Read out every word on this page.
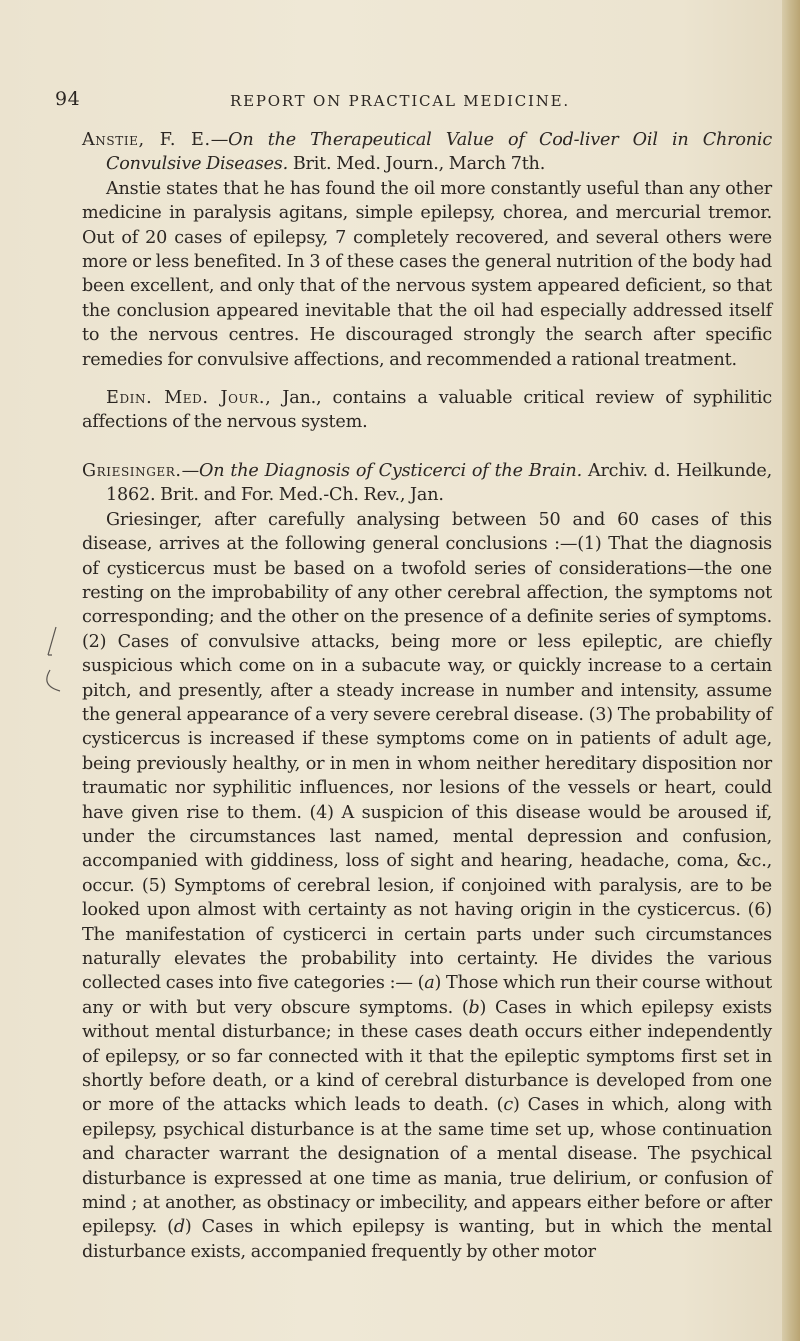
94	REPORT ON PRACTICAL MEDICINE.

Anstie, F. E.—On the Therapeutical Value of Cod-liver Oil in Chronic Convulsive Diseases. Brit. Med. Journ., March 7th.

Anstie states that he has found the oil more constantly useful than any other medicine in paralysis agitans, simple epilepsy, chorea, and mercurial tremor. Out of 20 cases of epilepsy, 7 completely recovered, and several others were more or less benefited. In 3 of these cases the general nutrition of the body had been excellent, and only that of the nervous system appeared deficient, so that the conclusion appeared inevitable that the oil had especially addressed itself to the nervous centres. He discouraged strongly the search after specific remedies for convulsive affections, and recommended a rational treatment.

Edin. Med. Jour., Jan., contains a valuable critical review of syphilitic affections of the nervous system.

Griesinger.—On the Diagnosis of Cysticerci of the Brain. Archiv. d. Heilkunde, 1862. Brit. and For. Med.-Ch. Rev., Jan.

Griesinger, after carefully analysing between 50 and 60 cases of this disease, arrives at the following general conclusions :—(1) That the diagnosis of cysticercus must be based on a twofold series of considerations—the one resting on the improbability of any other cerebral affection, the symptoms not corresponding; and the other on the presence of a definite series of symptoms. (2) Cases of convulsive attacks, being more or less epileptic, are chiefly suspicious which come on in a subacute way, or quickly increase to a certain pitch, and presently, after a steady increase in number and intensity, assume the general appearance of a very severe cerebral disease. (3) The probability of cysticercus is increased if these symptoms come on in patients of adult age, being previously healthy, or in men in whom neither hereditary disposition nor traumatic nor syphilitic influences, nor lesions of the vessels or heart, could have given rise to them. (4) A suspicion of this disease would be aroused if, under the circumstances last named, mental depression and confusion, accompanied with giddiness, loss of sight and hearing, headache, coma, &c., occur. (5) Symptoms of cerebral lesion, if conjoined with paralysis, are to be looked upon almost with certainty as not having origin in the cysticercus. (6) The manifestation of cysticerci in certain parts under such circumstances naturally elevates the probability into certainty. He divides the various collected cases into five categories :— (a) Those which run their course without any or with but very obscure symptoms. (b) Cases in which epilepsy exists without mental disturbance; in these cases death occurs either independently of epilepsy, or so far connected with it that the epileptic symptoms first set in shortly before death, or a kind of cerebral disturbance is developed from one or more of the attacks which leads to death. (c) Cases in which, along with epilepsy, psychical disturbance is at the same time set up, whose continuation and character warrant the designation of a mental disease. The psychical disturbance is expressed at one time as mania, true delirium, or confusion of mind ; at another, as obstinacy or imbecility, and appears either before or after epilepsy. (d) Cases in which epilepsy is wanting, but in which the mental disturbance exists, accompanied frequently by other motor
